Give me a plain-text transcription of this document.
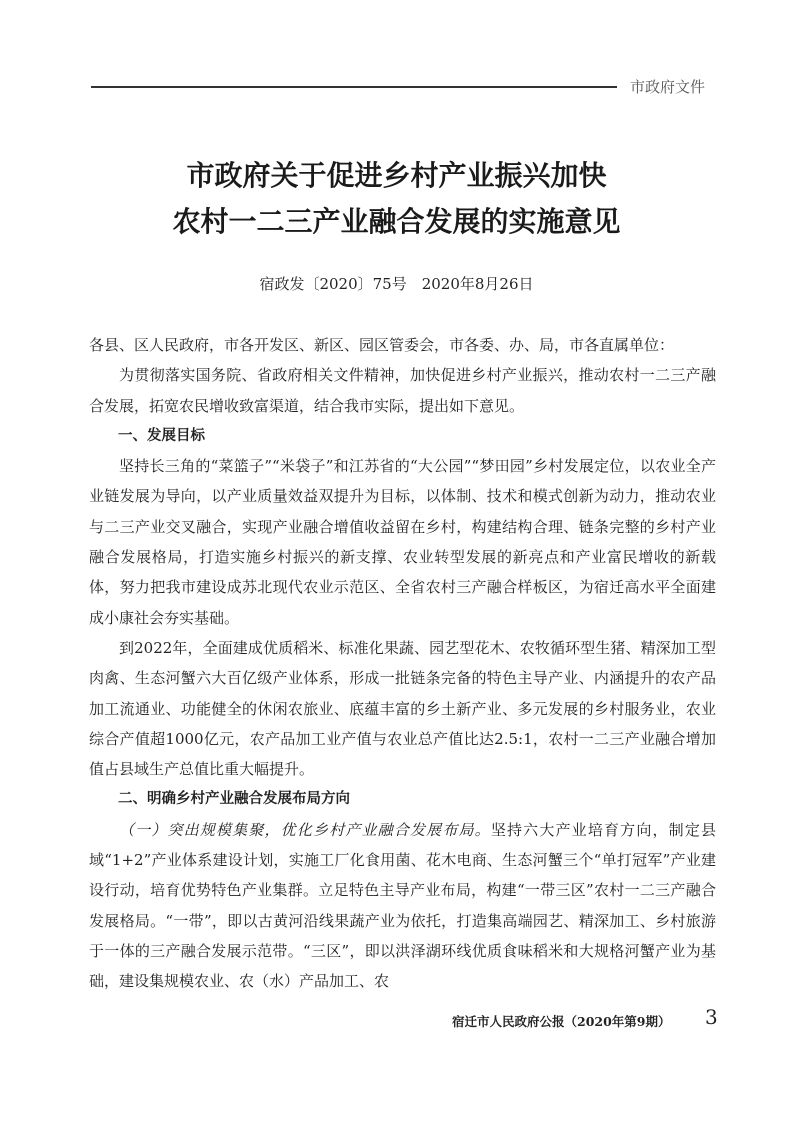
市政府文件
市政府关于促进乡村产业振兴加快
农村一二三产业融合发展的实施意见
宿政发〔2020〕75号　2020年8月26日

各县、区人民政府，市各开发区、新区、园区管委会，市各委、办、局，市各直属单位：

为贯彻落实国务院、省政府相关文件精神，加快促进乡村产业振兴，推动农村一二三产融合发展，拓宽农民增收致富渠道，结合我市实际，提出如下意见。

一、发展目标

坚持长三角的“菜篮子”“米袋子”和江苏省的“大公园”“梦田园”乡村发展定位，以农业全产业链发展为导向，以产业质量效益双提升为目标，以体制、技术和模式创新为动力，推动农业与二三产业交叉融合，实现产业融合增值收益留在乡村，构建结构合理、链条完整的乡村产业融合发展格局，打造实施乡村振兴的新支撑、农业转型发展的新亮点和产业富民增收的新载体，努力把我市建设成苏北现代农业示范区、全省农村三产融合样板区，为宿迁高水平全面建成小康社会夯实基础。

到2022年，全面建成优质稻米、标准化果蔬、园艺型花木、农牧循环型生猪、精深加工型肉禽、生态河蟹六大百亿级产业体系，形成一批链条完备的特色主导产业、内涵提升的农产品加工流通业、功能健全的休闲农旅业、底蕴丰富的乡土新产业、多元发展的乡村服务业，农业综合产值超1000亿元，农产品加工业产值与农业总产值比达2.5:1，农村一二三产业融合增加值占县域生产总值比重大幅提升。

二、明确乡村产业融合发展布局方向

（一）突出规模集聚，优化乡村产业融合发展布局。坚持六大产业培育方向，制定县域“1+2”产业体系建设计划，实施工厂化食用菌、花木电商、生态河蟹三个“单打冠军”产业建设行动，培育优势特色产业集群。立足特色主导产业布局，构建“一带三区”农村一二三产融合发展格局。“一带”，即以古黄河沿线果蔬产业为依托，打造集高端园艺、精深加工、乡村旅游于一体的三产融合发展示范带。“三区”，即以洪泽湖环线优质食味稻米和大规格河蟹产业为基础，建设集规模农业、农（水）产品加工、农

宿迁市人民政府公报（2020年第9期） 3
